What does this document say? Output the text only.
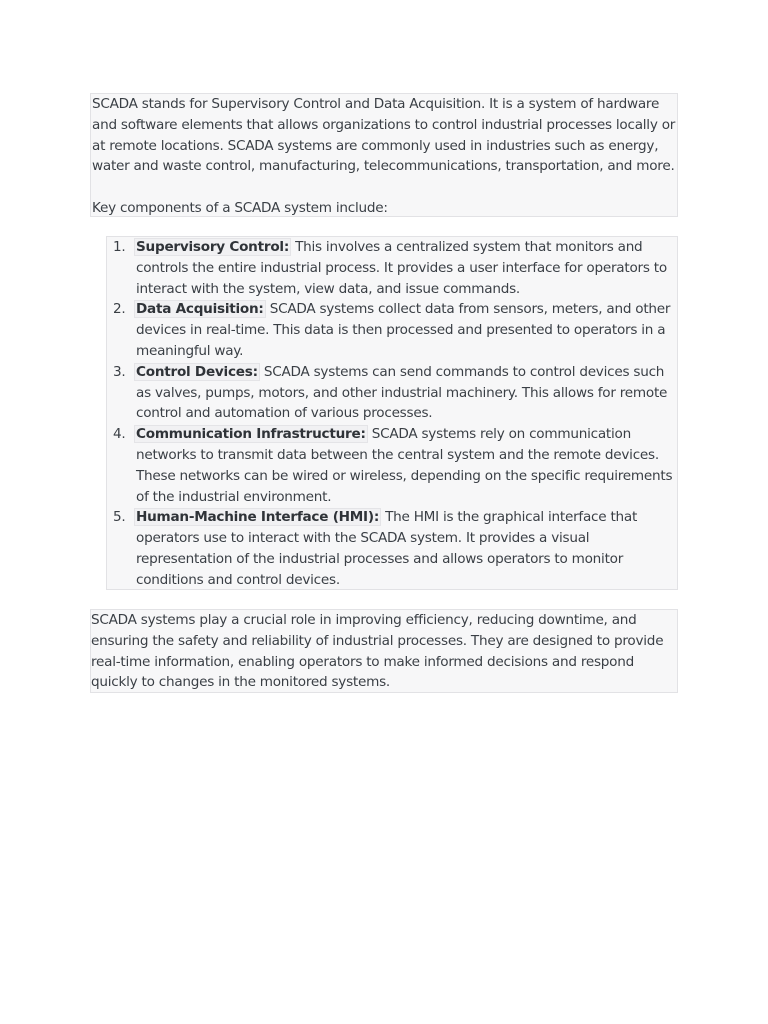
SCADA stands for Supervisory Control and Data Acquisition. It is a system of hardware and software elements that allows organizations to control industrial processes locally or at remote locations. SCADA systems are commonly used in industries such as energy, water and waste control, manufacturing, telecommunications, transportation, and more.

Key components of a SCADA system include:

1. Supervisory Control: This involves a centralized system that monitors and controls the entire industrial process. It provides a user interface for operators to interact with the system, view data, and issue commands.
2. Data Acquisition: SCADA systems collect data from sensors, meters, and other devices in real-time. This data is then processed and presented to operators in a meaningful way.
3. Control Devices: SCADA systems can send commands to control devices such as valves, pumps, motors, and other industrial machinery. This allows for remote control and automation of various processes.
4. Communication Infrastructure: SCADA systems rely on communication networks to transmit data between the central system and the remote devices. These networks can be wired or wireless, depending on the specific requirements of the industrial environment.
5. Human-Machine Interface (HMI): The HMI is the graphical interface that operators use to interact with the SCADA system. It provides a visual representation of the industrial processes and allows operators to monitor conditions and control devices.

SCADA systems play a crucial role in improving efficiency, reducing downtime, and ensuring the safety and reliability of industrial processes. They are designed to provide real-time information, enabling operators to make informed decisions and respond quickly to changes in the monitored systems.
